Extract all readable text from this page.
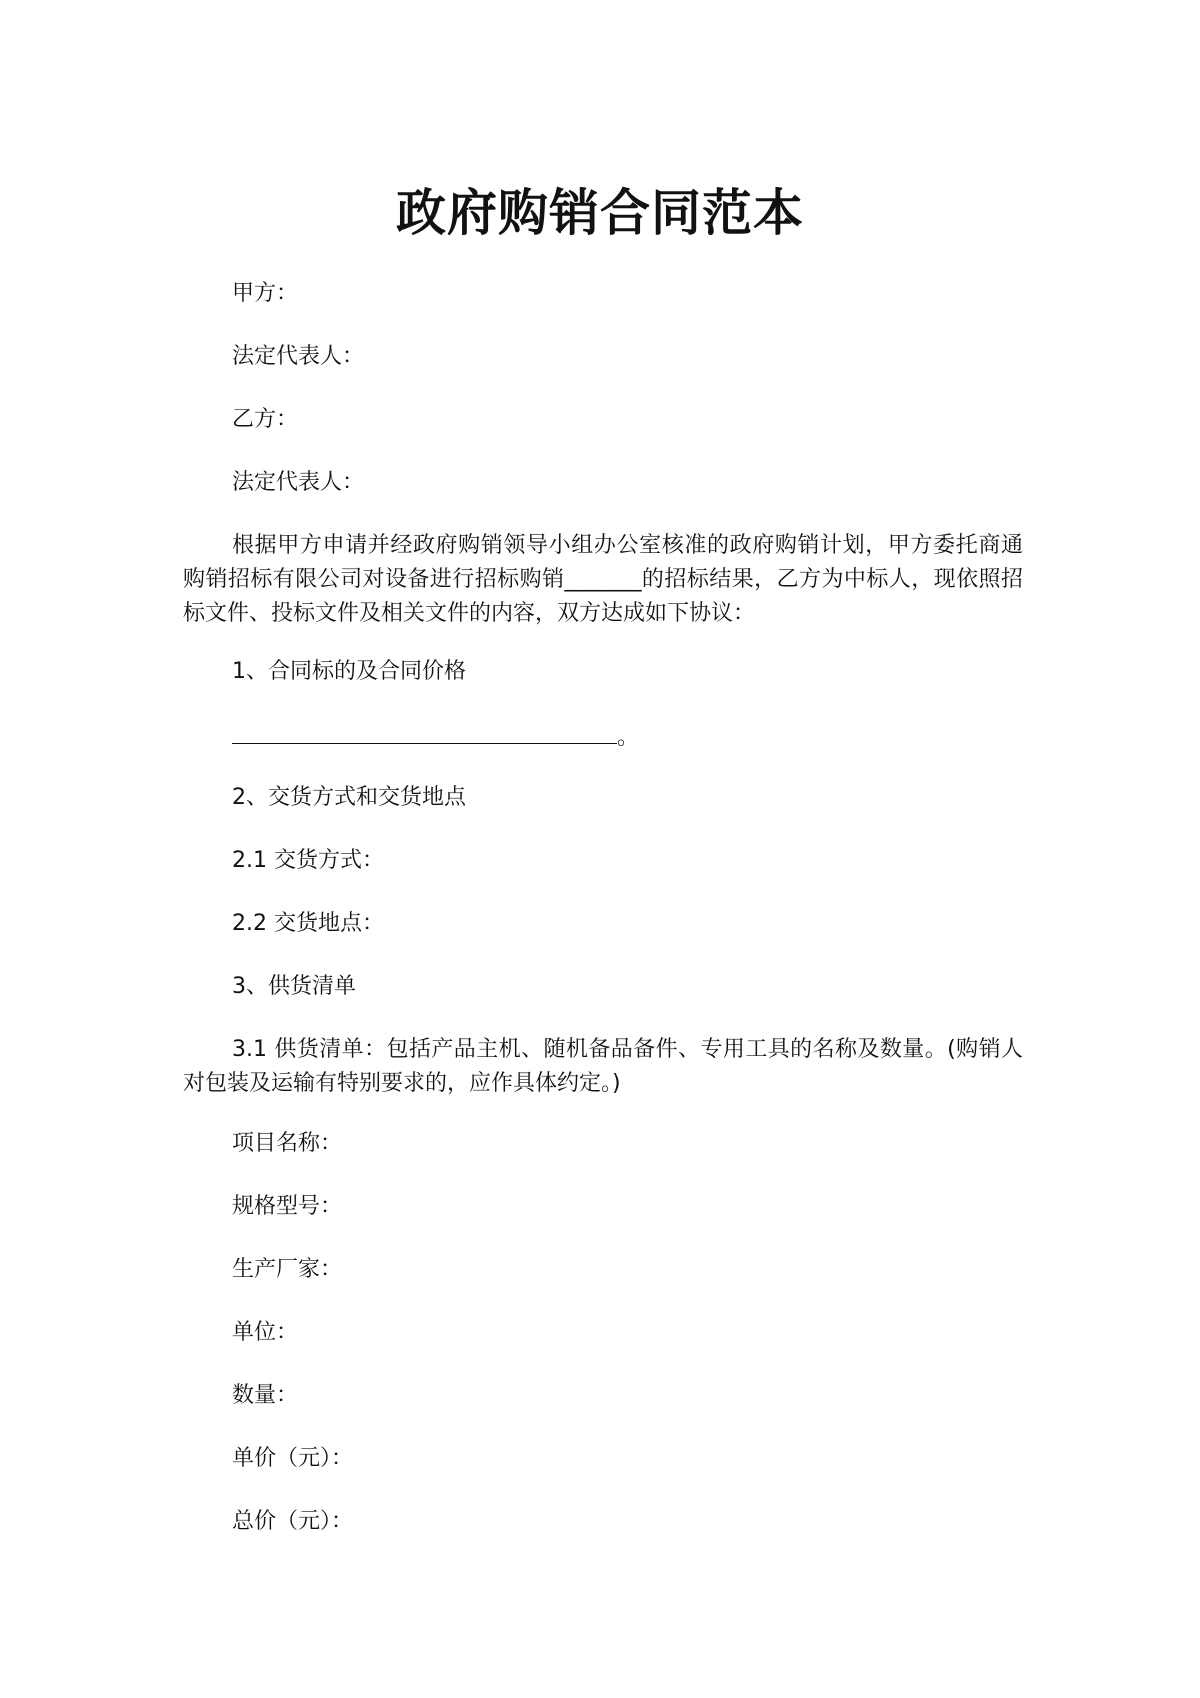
政府购销合同范本
甲方：
法定代表人：
乙方：
法定代表人：
根据甲方申请并经政府购销领导小组办公室核准的政府购销计划，甲方委托商通购销招标有限公司对设备进行招标购销_______的招标结果，乙方为中标人，现依照招标文件、投标文件及相关文件的内容，双方达成如下协议：
1、合同标的及合同价格
。
2、交货方式和交货地点
2.1 交货方式：
2.2 交货地点：
3、供货清单
3.1 供货清单：包括产品主机、随机备品备件、专用工具的名称及数量。(购销人对包装及运输有特别要求的，应作具体约定。)
项目名称：
规格型号：
生产厂家：
单位：
数量：
单价（元）：
总价（元）：
